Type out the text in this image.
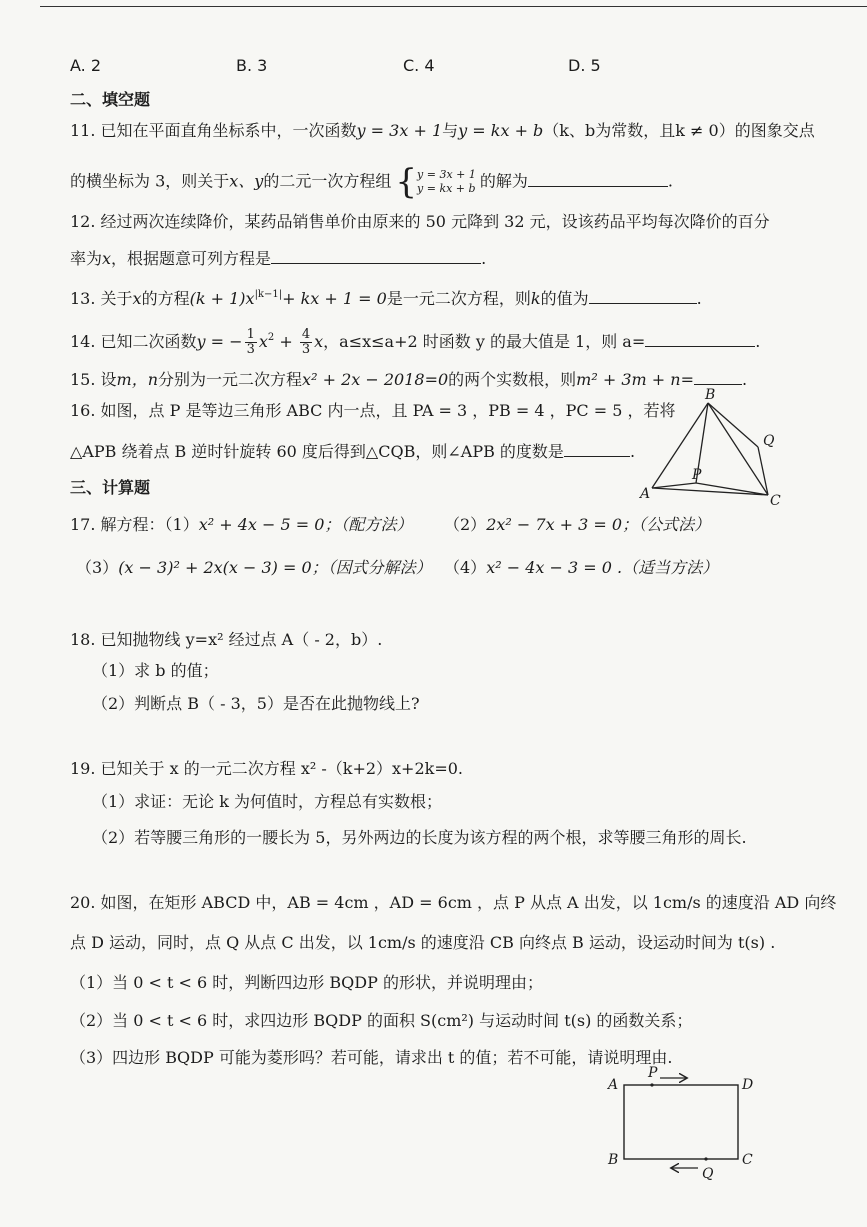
A. 2	B. 3	C. 4	D. 5
二、填空题
11. 已知在平面直角坐标系中，一次函数y = 3x + 1与y = kx + b（k、b为常数，且k ≠ 0）的图象交点
的横坐标为 3，则关于x、y的二元一次方程组 { y = 3x + 1
y = kx + b 的解为	.
12. 经过两次连续降价，某药品销售单价由原来的 50 元降到 32 元，设该药品平均每次降价的百分
率为x，根据题意可列方程是	.
13. 关于x的方程$(k + 1)x^{|k-1|}+$ kx + 1 = 0是一元二次方程，则k的值为	.
14. 已知二次函数y = − $\frac{1}{3} x^2 + \frac{4}{3}$ x，a≤x≤a+2 时函数 y 的最大值是 1，则 a=	.
15. 设m，n分别为一元二次方程x² + 2x − 2018=0的两个实数根，则m² + 3m + n=	.
16. 如图，点 P 是等边三角形 ABC 内一点，且 PA = 3 ，PB = 4 ，PC = 5 ，若将
△APB 绕着点 B 逆时针旋转 60 度后得到△CQB，则∠APB 的度数是	.
B
Q
P
A	C
三、计算题
17. 解方程：（1）x² + 4x − 5 = 0；（配方法） （2）2x² − 7x + 3 = 0；（公式法）
（3）(x − 3)² + 2x(x − 3) = 0；（因式分解法） （4）x² − 4x − 3 = 0 .（适当方法）
18. 已知抛物线 y=x² 经过点 A（ - 2，b）.
（1）求 b 的值；
（2）判断点 B（ - 3，5）是否在此抛物线上?
19. 已知关于 x 的一元二次方程 x² -（k+2）x+2k=0.
（1）求证：无论 k 为何值时，方程总有实数根；
（2）若等腰三角形的一腰长为 5，另外两边的长度为该方程的两个根，求等腰三角形的周长.
20. 如图，在矩形 ABCD 中，AB = 4cm ，AD = 6cm ，点 P 从点 A 出发，以 1cm/s 的速度沿 AD 向终
点 D 运动，同时，点 Q 从点 C 出发，以 1cm/s 的速度沿 CB 向终点 B 运动，设运动时间为 t(s) .
（1）当 0 < t < 6 时，判断四边形 BQDP 的形状，并说明理由；
（2）当 0 < t < 6 时，求四边形 BQDP 的面积 S(cm²) 与运动时间 t(s) 的函数关系；
（3）四边形 BQDP 可能为菱形吗？若可能，请求出 t 的值；若不可能，请说明理由.
A
P
D
B
Q
C
